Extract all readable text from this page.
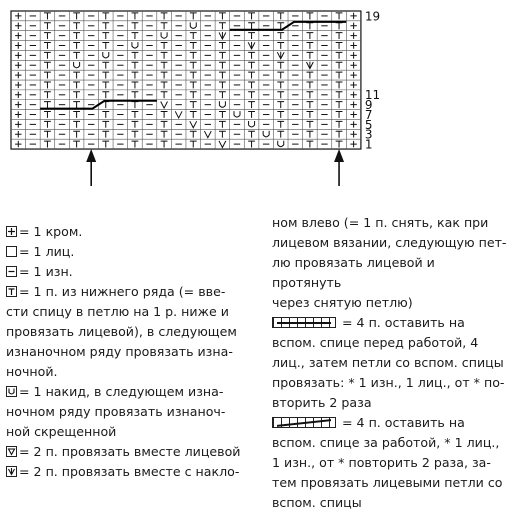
19
11
9
7
5
3
1
= 1 кром.
= 1 лиц.
= 1 изн.
= 1 п. из нижнего ряда (= вве-
сти спицу в петлю на 1 р. ниже и
провязать лицевой), в следующем
изнаночном ряду провязать изна-
ночной.
= 1 накид, в следующем изна-
ночном ряду провязать изнаноч-
ной скрещенной
= 2 п. провязать вместе лицевой
= 2 п. провязать вместе с накло-
ном влево (= 1 п. снять, как при
лицевом вязании, следующую пет-
лю провязать лицевой и протянуть
через снятую петлю)
= 4 п. оставить на
вспом. спице перед работой, 4
лиц., затем петли со вспом. спицы
провязать: * 1 изн., 1 лиц., от * по-
вторить 2 раза
= 4 п. оставить на
вспом. спице за работой, * 1 лиц.,
1 изн., от * повторить 2 раза, за-
тем провязать лицевыми петли со
вспом. спицы
